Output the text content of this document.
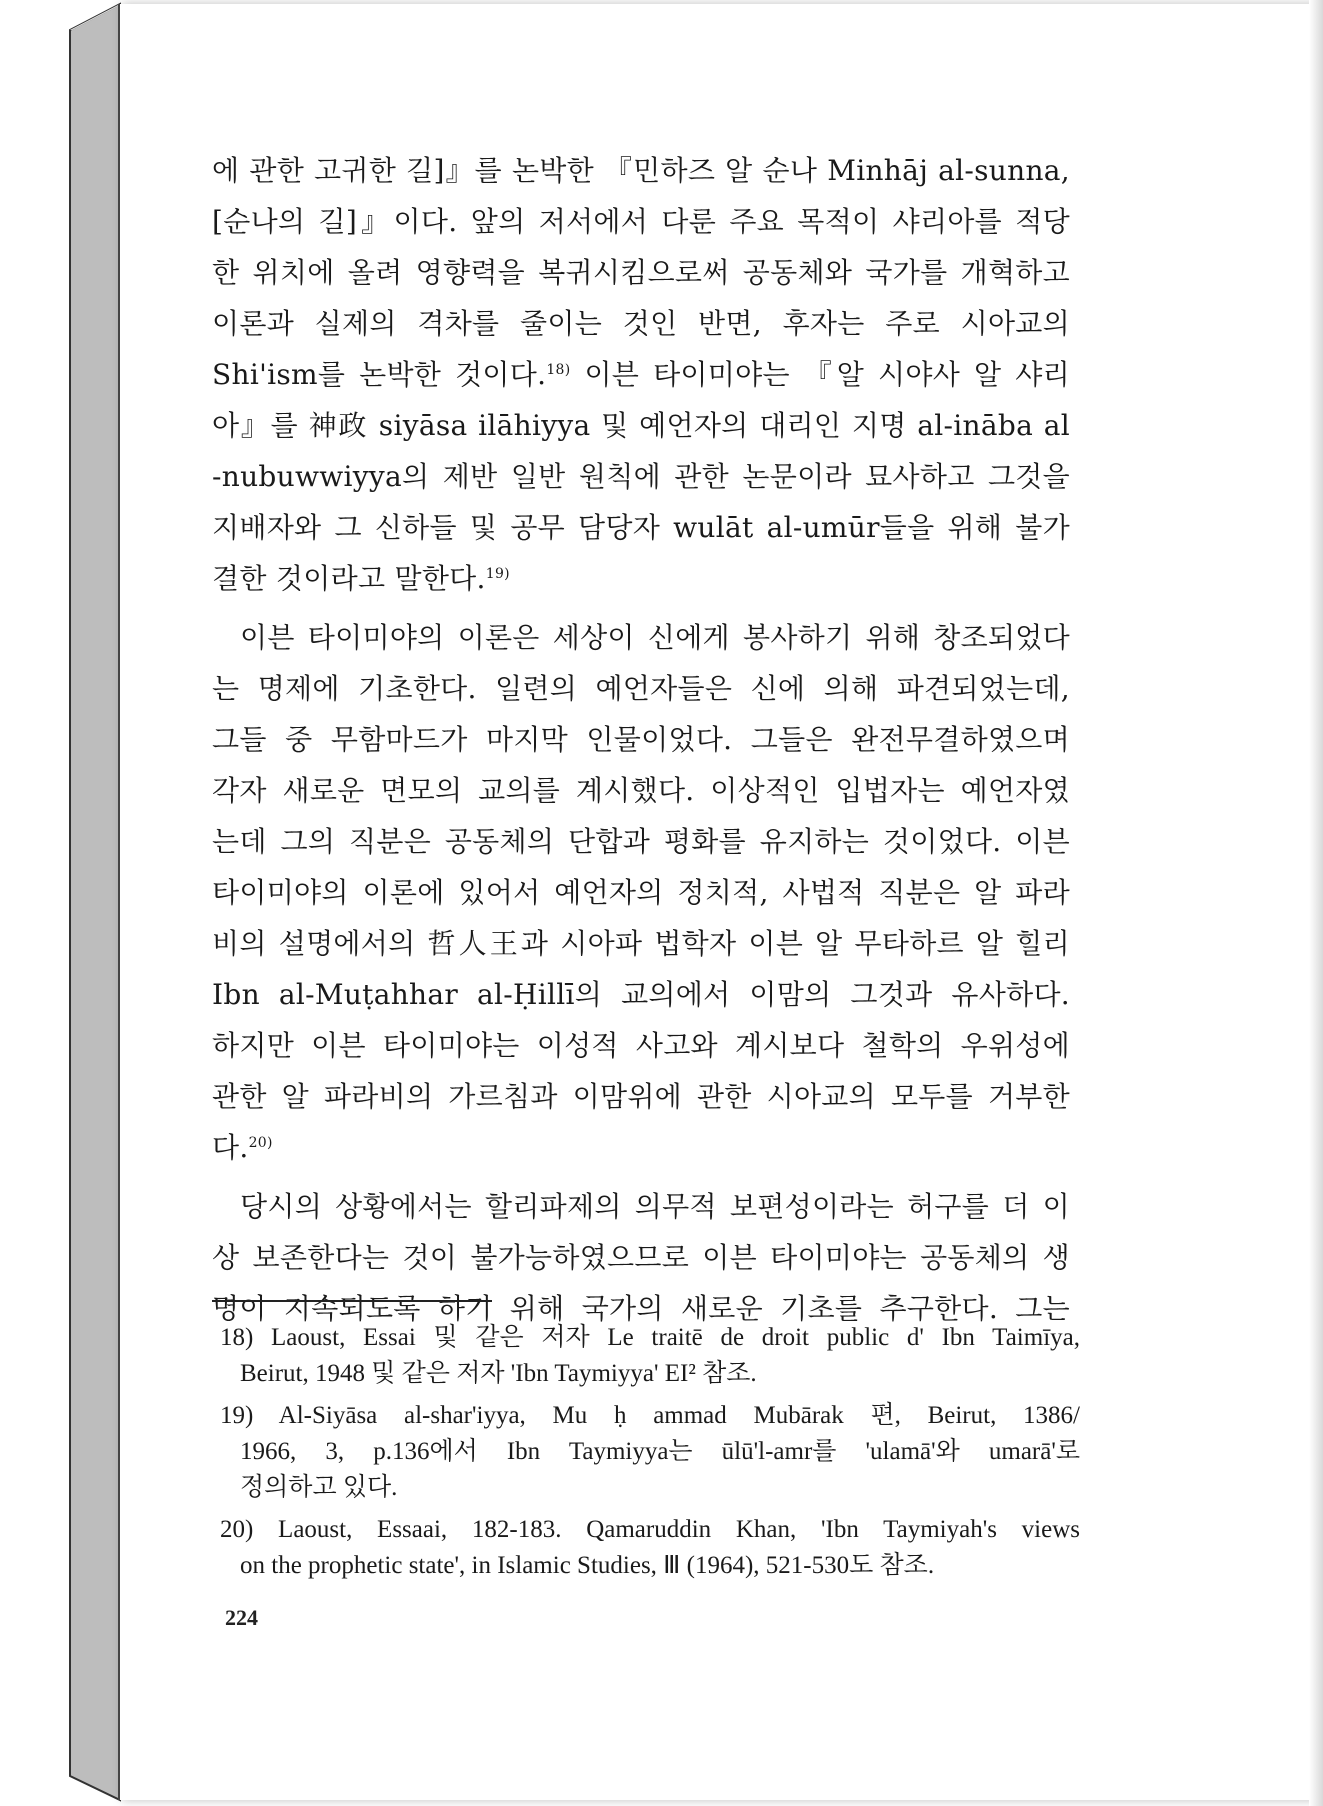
에 관한 고귀한 길]』를 논박한 『민하즈 알 순나 Minhāj al-sunna,
[순나의 길]』이다. 앞의 저서에서 다룬 주요 목적이 샤리아를 적당
한 위치에 올려 영향력을 복귀시킴으로써 공동체와 국가를 개혁하고
이론과 실제의 격차를 줄이는 것인 반면, 후자는 주로 시아교의
Shi'ism를 논박한 것이다.$^{18)}$ 이븐 타이미야는 『알 시야사 알 샤리
아』를 神政 siyāsa ilāhiyya 및 예언자의 대리인 지명 al-ināba al
-nubuwwiyya의 제반 일반 원칙에 관한 논문이라 묘사하고 그것을
지배자와 그 신하들 및 공무 담당자 wulāt al-umūr들을 위해 불가
결한 것이라고 말한다.$^{19)}$
이븐 타이미야의 이론은 세상이 신에게 봉사하기 위해 창조되었다
는 명제에 기초한다. 일련의 예언자들은 신에 의해 파견되었는데,
그들 중 무함마드가 마지막 인물이었다. 그들은 완전무결하였으며
각자 새로운 면모의 교의를 계시했다. 이상적인 입법자는 예언자였
는데 그의 직분은 공동체의 단합과 평화를 유지하는 것이었다. 이븐
타이미야의 이론에 있어서 예언자의 정치적, 사법적 직분은 알 파라
비의 설명에서의 哲人王과 시아파 법학자 이븐 알 무타하르 알 힐리
Ibn al-Muṭahhar al-Ḥillī의 교의에서 이맘의 그것과 유사하다.
하지만 이븐 타이미야는 이성적 사고와 계시보다 철학의 우위성에
관한 알 파라비의 가르침과 이맘위에 관한 시아교의 모두를 거부한
다.$^{20)}$
당시의 상황에서는 할리파제의 의무적 보편성이라는 허구를 더 이
상 보존한다는 것이 불가능하였으므로 이븐 타이미야는 공동체의 생
명이 지속되도록 하기 위해 국가의 새로운 기초를 추구한다. 그는
18) Laoust, Essai 및 같은 저자 Le traitē de droit public d' Ibn Taimīya,
Beirut, 1948 및 같은 저자 'Ibn Taymiyya' EI² 참조.
19) Al-Siyāsa al-shar'iyya, Mu ḥ ammad Mubārak 편, Beirut, 1386/
1966, 3, p.136에서 Ibn Taymiyya는 ūlū'l-amr를 'ulamā'와 umarā'로
정의하고 있다.
20) Laoust, Essaai, 182-183. Qamaruddin Khan, 'Ibn Taymiyah's views
on the prophetic state', in Islamic Studies, Ⅲ (1964), 521-530도 참조.
224
